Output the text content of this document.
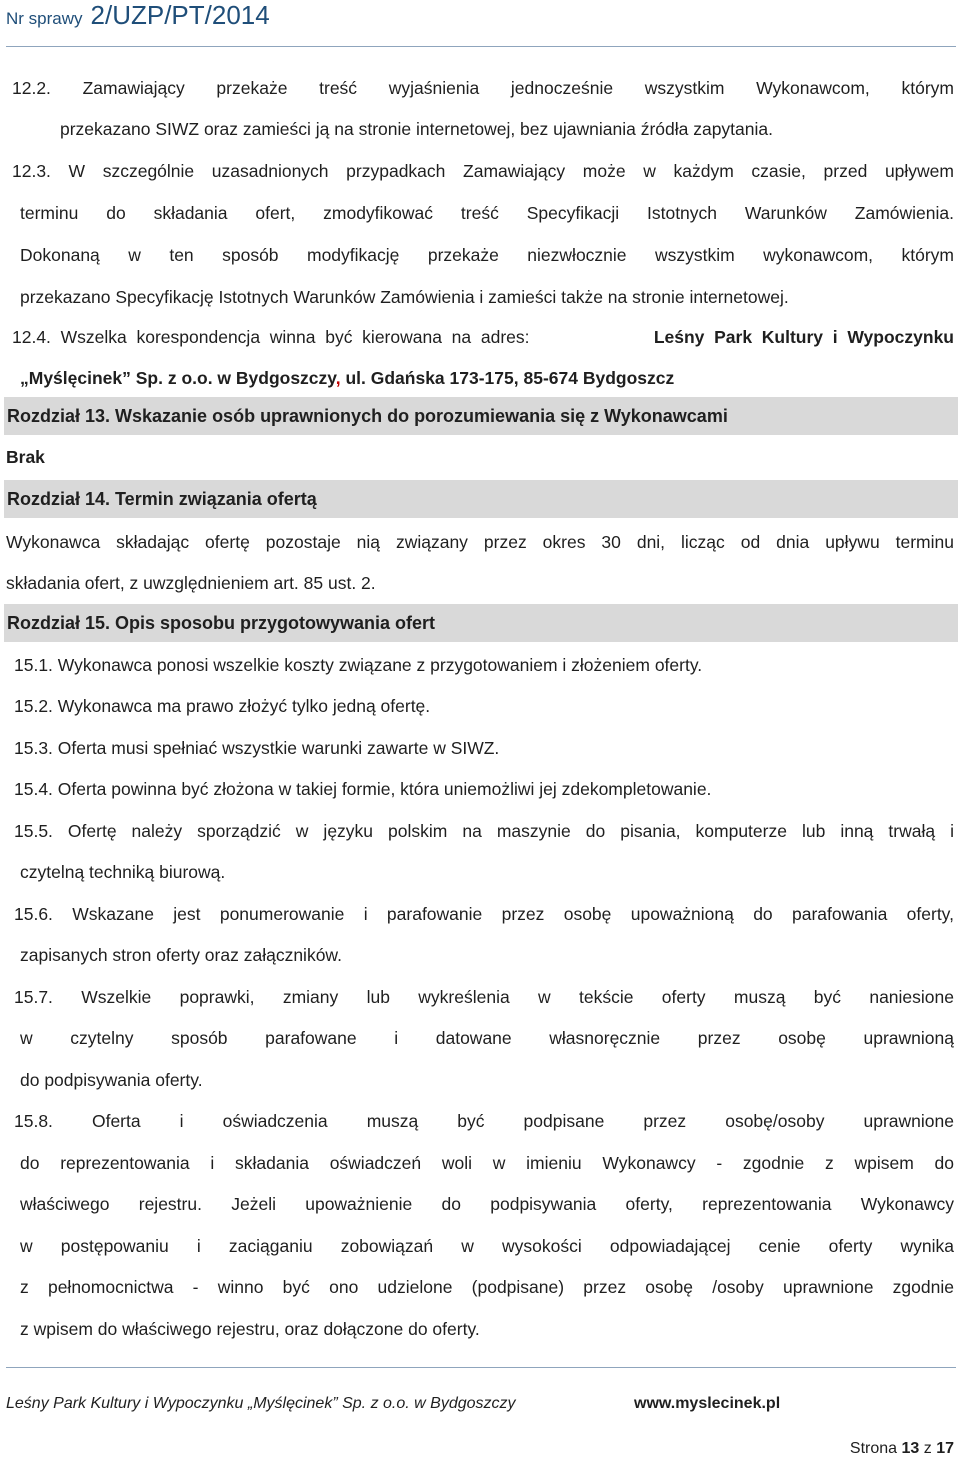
Nr sprawy 2/UZP/PT/2014
12.2. Zamawiający przekaże treść wyjaśnienia jednocześnie wszystkim Wykonawcom, którym
przekazano SIWZ oraz zamieści ją na stronie internetowej, bez ujawniania źródła zapytania.
12.3. W szczególnie uzasadnionych przypadkach Zamawiający może w każdym czasie, przed upływem
terminu do składania ofert, zmodyfikować treść Specyfikacji Istotnych Warunków Zamówienia.
Dokonaną w ten sposób modyfikację przekaże niezwłocznie wszystkim wykonawcom, którym
przekazano Specyfikację Istotnych Warunków Zamówienia i zamieści także na stronie internetowej.
12.4.  Wszelka  korespondencja  winna  być  kierowana  na  adres:	Leśny  Park  Kultury  i  Wypoczynku
„Myślęcinek” Sp. z o.o. w Bydgoszczy, ul. Gdańska 173-175, 85-674 Bydgoszcz
Rozdział 13. Wskazanie osób uprawnionych do porozumiewania się z Wykonawcami
Brak
Rozdział 14. Termin związania ofertą
Wykonawca składając ofertę pozostaje nią związany przez okres 30 dni, licząc od dnia upływu terminu
składania ofert, z uwzględnieniem art. 85 ust. 2.
Rozdział 15. Opis sposobu przygotowywania ofert
15.1. Wykonawca ponosi wszelkie koszty związane z przygotowaniem i złożeniem oferty.
15.2. Wykonawca ma prawo złożyć tylko jedną ofertę.
15.3. Oferta musi spełniać wszystkie warunki zawarte w SIWZ.
15.4. Oferta powinna być złożona w takiej formie, która uniemożliwi jej zdekompletowanie.
15.5. Ofertę należy sporządzić w języku polskim na maszynie do pisania, komputerze lub inną trwałą i
czytelną techniką biurową.
15.6. Wskazane jest ponumerowanie i parafowanie przez osobę upoważnioną do parafowania oferty,
zapisanych stron oferty oraz załączników.
15.7. Wszelkie poprawki, zmiany lub wykreślenia w tekście oferty muszą być naniesione
w czytelny sposób parafowane i datowane własnoręcznie przez osobę uprawnioną
do podpisywania oferty.
15.8. Oferta i oświadczenia muszą być podpisane przez osobę/osoby uprawnione
do reprezentowania i składania oświadczeń woli w imieniu Wykonawcy - zgodnie z wpisem do
właściwego rejestru. Jeżeli upoważnienie do podpisywania oferty, reprezentowania Wykonawcy
w postępowaniu i zaciąganiu zobowiązań w wysokości odpowiadającej cenie oferty wynika
z pełnomocnictwa - winno być ono udzielone (podpisane) przez osobę /osoby uprawnione zgodnie
z wpisem do właściwego rejestru, oraz dołączone do oferty.
Leśny Park Kultury i Wypoczynku „Myślęcinek” Sp. z o.o. w Bydgoszczy	www.myslecinek.pl
Strona 13 z 17
